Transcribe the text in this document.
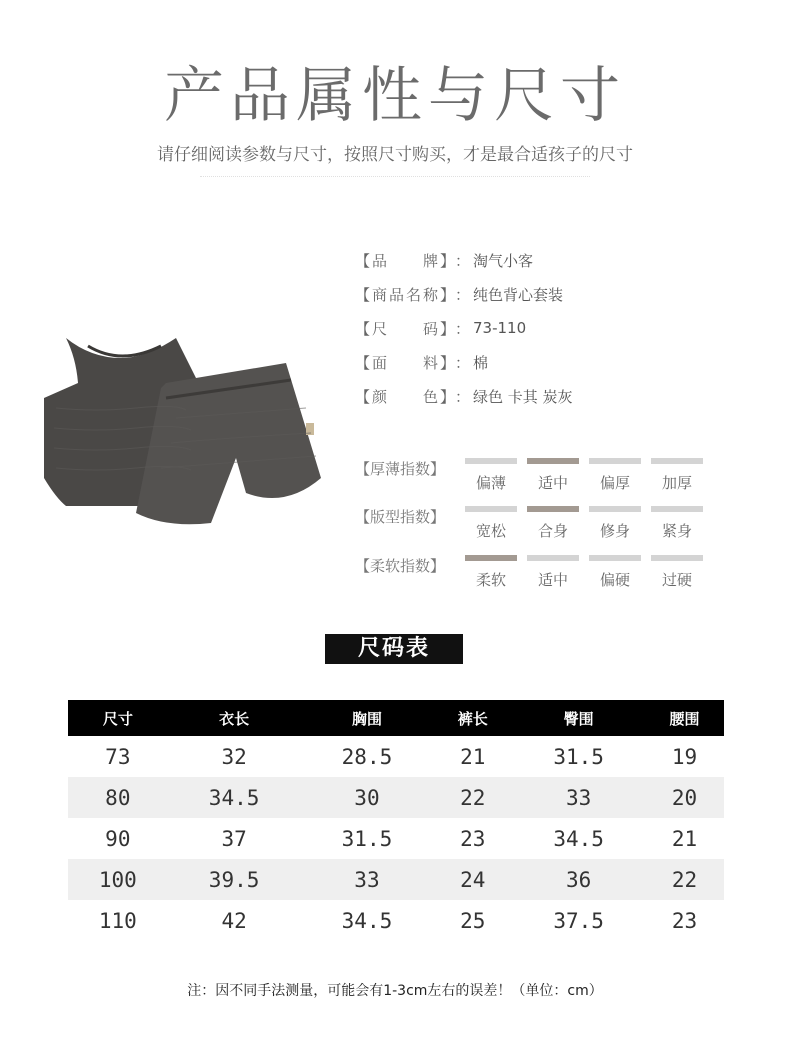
产品属性与尺寸
请仔细阅读参数与尺寸，按照尺寸购买，才是最合适孩子的尺寸
【品　　牌】 ： 淘气小客
【商品名称】 ： 纯色背心套装
【尺　　码】 ： 73-110
【面　　料】 ： 棉
【颜　　色】 ： 绿色 卡其 炭灰
【厚薄指数】
偏薄	适中	偏厚	加厚
【版型指数】
宽松	合身	修身	紧身
【柔软指数】
柔软	适中	偏硬	过硬
尺码表
尺寸	衣长	胸围	裤长	臀围	腰围
73	32	28.5	21	31.5	19
80	34.5	30	22	33	20
90	37	31.5	23	34.5	21
100	39.5	33	24	36	22
110	42	34.5	25	37.5	23
注：因不同手法测量，可能会有1-3cm左右的误差！（单位：cm）
